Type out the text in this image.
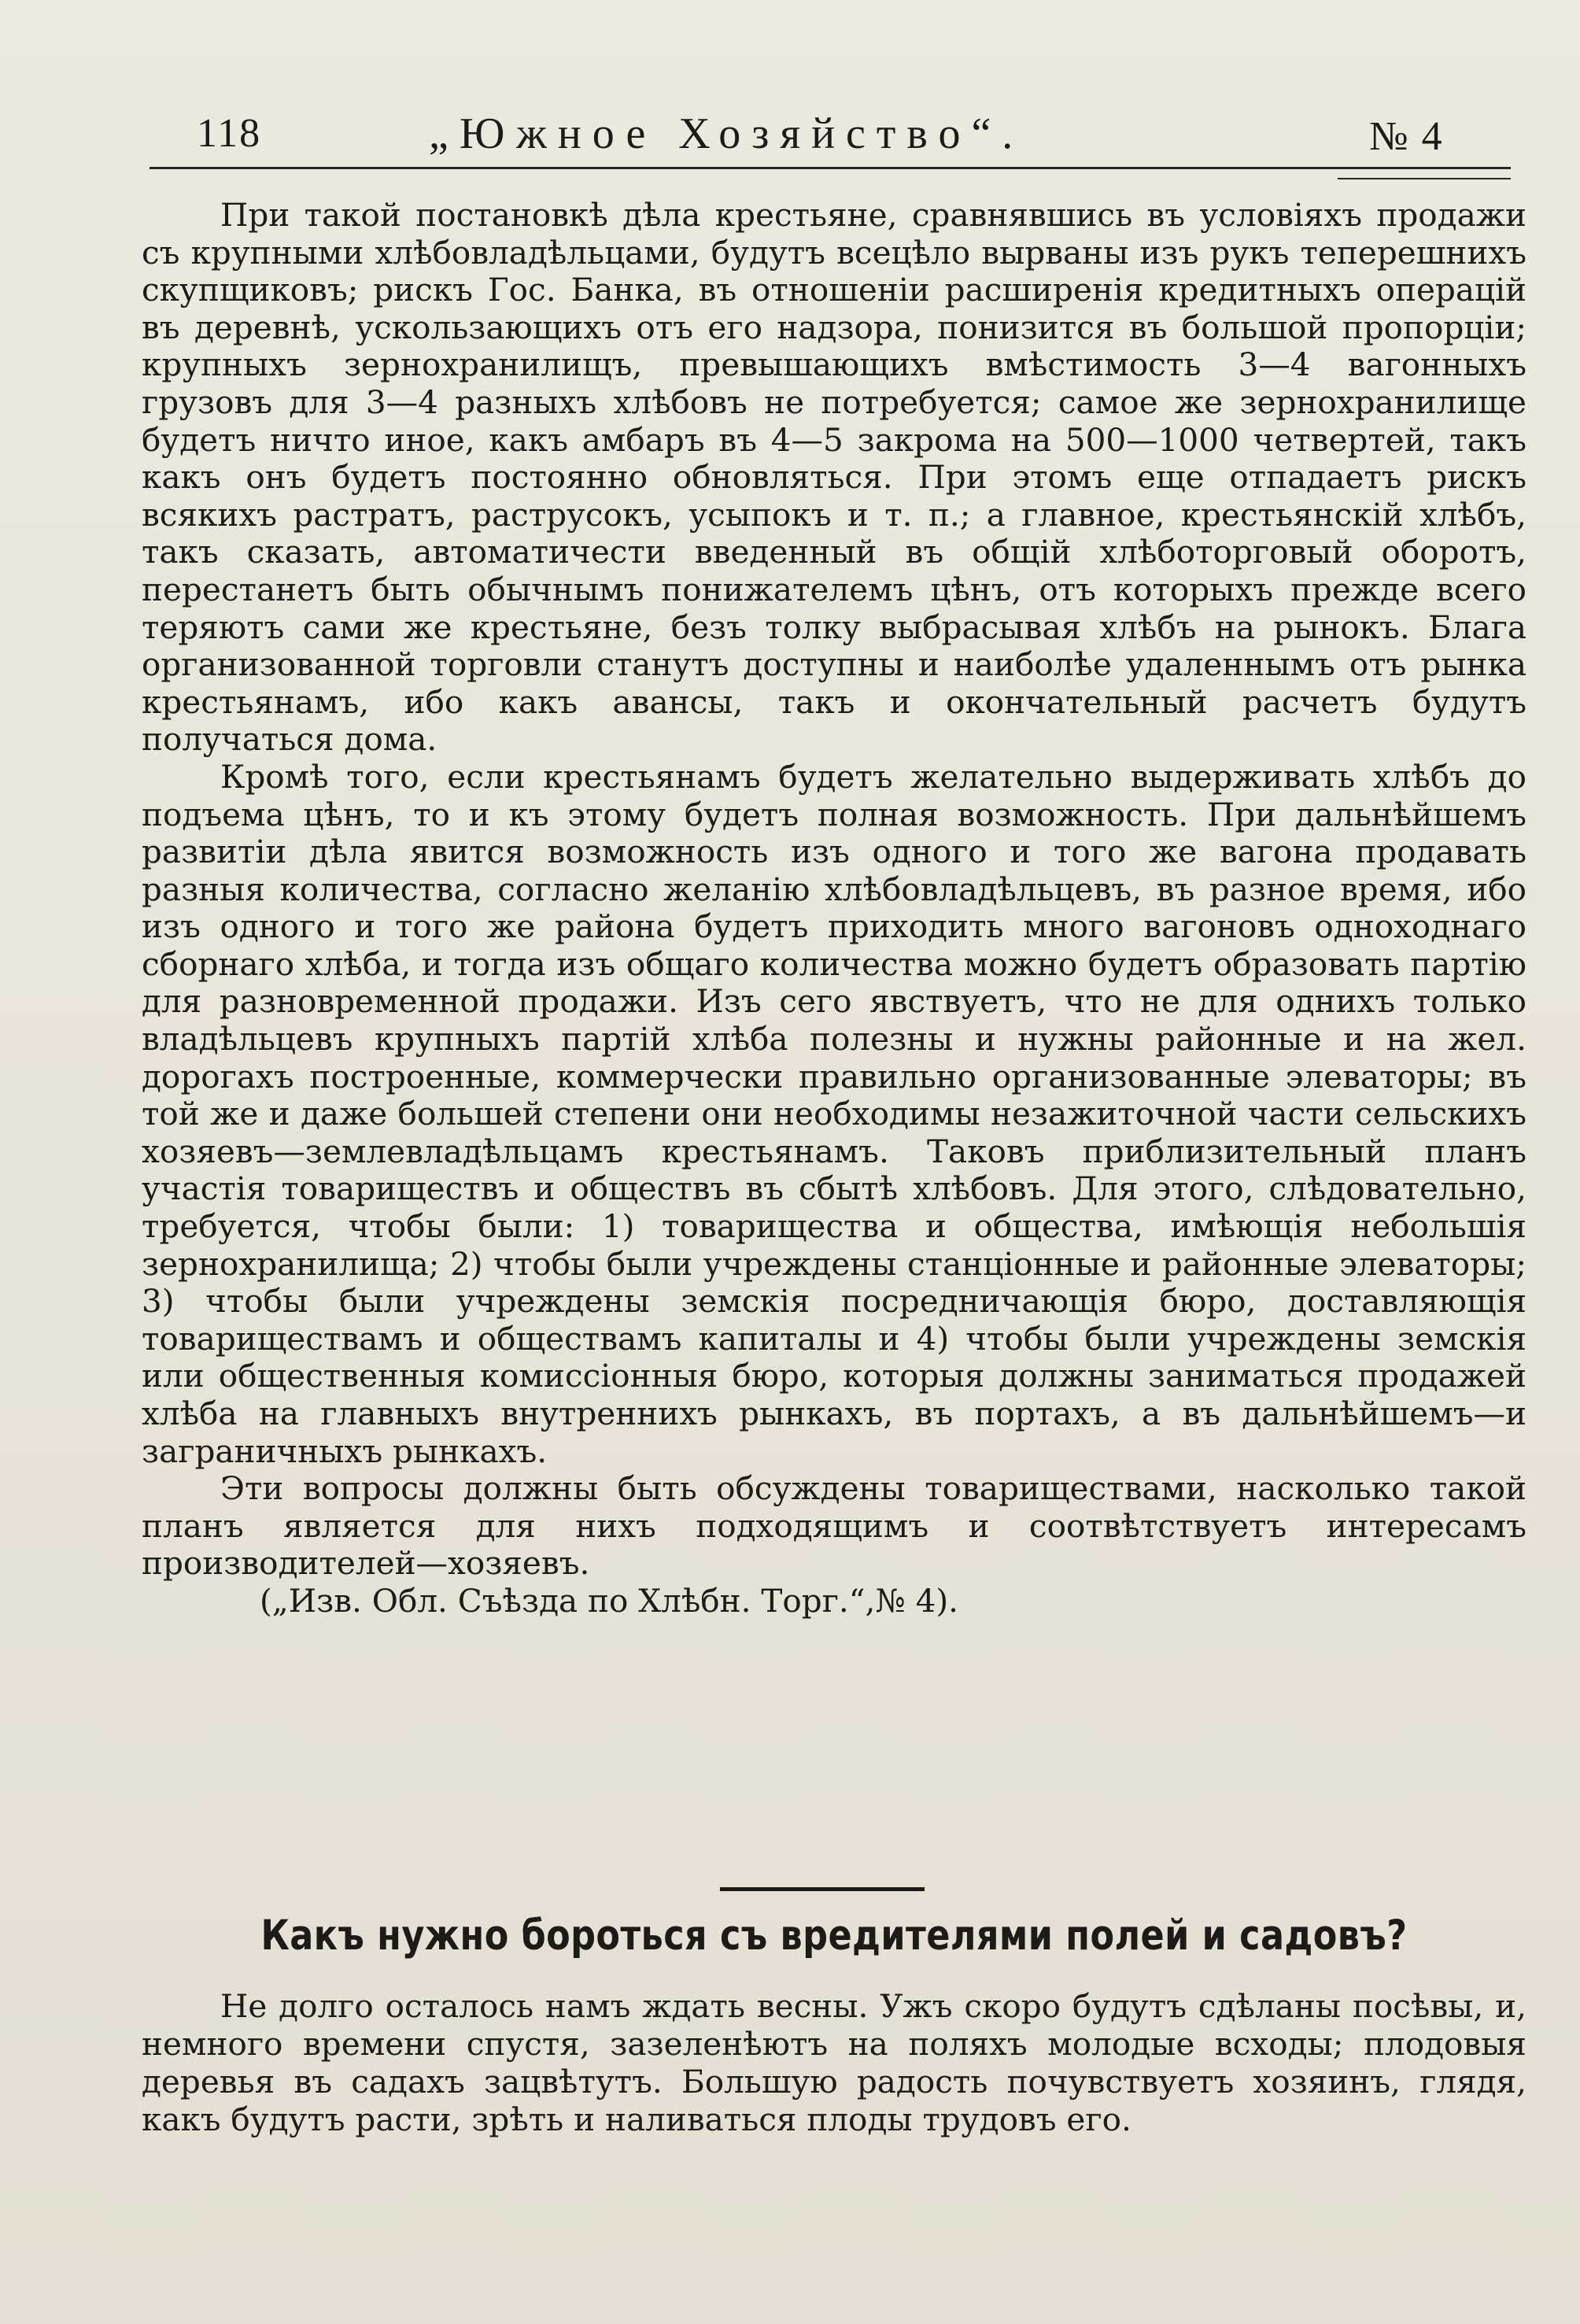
118	„Южное Хозяйство“.	№ 4

При такой постановкѣ дѣла крестьяне, сравнявшись въ условіяхъ продажи съ крупными хлѣбовладѣльцами, будутъ всецѣло вырваны изъ рукъ теперешнихъ скупщиковъ; рискъ Гос. Банка, въ отношеніи расширенія кредитныхъ операцій въ деревнѣ, ускользающихъ отъ его надзора, понизится въ большой пропорціи; крупныхъ зернохранилищъ, превышающихъ вмѣстимость 3—4 вагонныхъ грузовъ для 3—4 разныхъ хлѣбовъ не потребуется; самое же зернохранилище будетъ ничто иное, какъ амбаръ въ 4—5 закрома на 500—1000 четвертей, такъ какъ онъ будетъ постоянно обновляться. При этомъ еще отпадаетъ рискъ всякихъ растратъ, раструсокъ, усыпокъ и т. п.; а главное, крестьянскій хлѣбъ, такъ сказать, автоматичести введенный въ общій хлѣботорговый оборотъ, перестанетъ быть обычнымъ понижателемъ цѣнъ, отъ которыхъ прежде всего теряютъ сами же крестьяне, безъ толку выбрасывая хлѣбъ на рынокъ. Блага организованной торговли станутъ доступны и наиболѣе удаленнымъ отъ рынка крестьянамъ, ибо какъ авансы, такъ и окончательный расчетъ будутъ получаться дома.

Кромѣ того, если крестьянамъ будетъ желательно выдерживать хлѣбъ до подъема цѣнъ, то и къ этому будетъ полная возможность. При дальнѣйшемъ развитіи дѣла явится возможность изъ одного и того же вагона продавать разныя количества, согласно желанію хлѣбовладѣльцевъ, въ разное время, ибо изъ одного и того же района будетъ приходить много вагоновъ одноходнаго сборнаго хлѣба, и тогда изъ общаго количества можно будетъ образовать партію для разновременной продажи. Изъ сего явствуетъ, что не для однихъ только владѣльцевъ крупныхъ партій хлѣба полезны и нужны районные и на жел. дорогахъ построенные, коммерчески правильно организованные элеваторы; въ той же и даже большей степени они необходимы незажиточной части сельскихъ хозяевъ—землевладѣльцамъ крестьянамъ. Таковъ приблизительный планъ участія товариществъ и обществъ въ сбытѣ хлѣбовъ. Для этого, слѣдовательно, требуется, чтобы были: 1) товарищества и общества, имѣющія небольшія зернохранилища; 2) чтобы были учреждены станціонные и районные элеваторы; 3) чтобы были учреждены земскія посредничающія бюро, доставляющія товариществамъ и обществамъ капиталы и 4) чтобы были учреждены земскія или общественныя комиссіонныя бюро, которыя должны заниматься продажей хлѣба на главныхъ внутреннихъ рынкахъ, въ портахъ, а въ дальнѣйшемъ—и заграничныхъ рынкахъ.

Эти вопросы должны быть обсуждены товариществами, насколько такой планъ является для нихъ подходящимъ и соотвѣтствуетъ интересамъ производителей—хозяевъ.

(„Изв. Обл. Съѣзда по Хлѣбн. Торг.“,№ 4).

Какъ нужно бороться съ вредителями полей и садовъ?

Не долго осталось намъ ждать весны. Ужъ скоро будутъ сдѣланы посѣвы, и, немного времени спустя, зазеленѣютъ на поляхъ молодые всходы; плодовыя деревья въ садахъ зацвѣтутъ. Большую радость почувствуетъ хозяинъ, глядя, какъ будутъ расти, зрѣть и наливаться плоды трудовъ его.
